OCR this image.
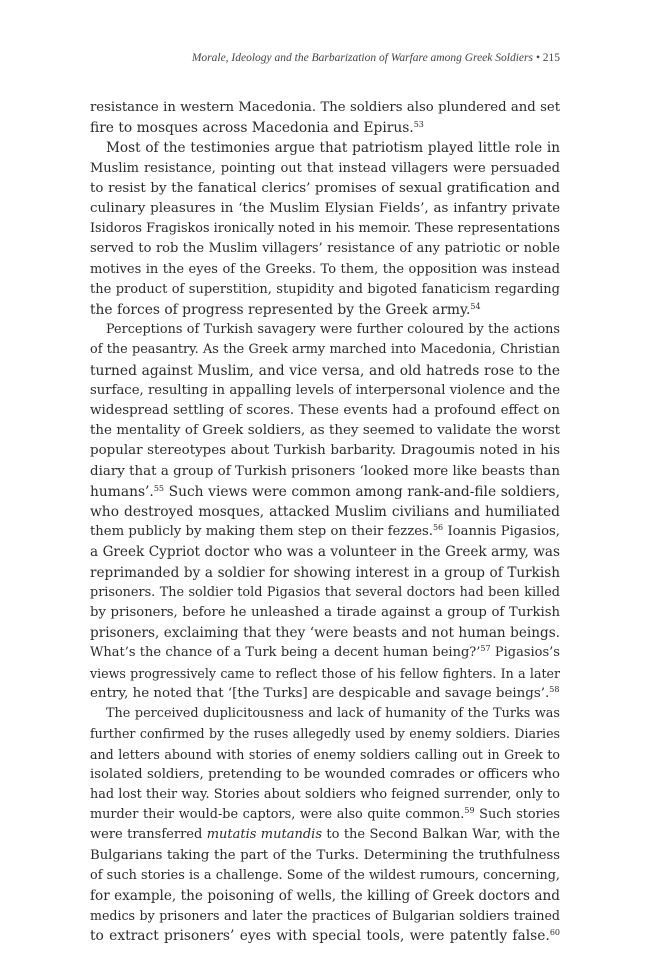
Morale, Ideology and the Barbarization of Warfare among Greek Soldiers • 215

resistance in western Macedonia. The soldiers also plundered and set

fire to mosques across Macedonia and Epirus.$^{53}$

Most of the testimonies argue that patriotism played little role in

Muslim resistance, pointing out that instead villagers were persuaded

to resist by the fanatical clerics’ promises of sexual gratification and

culinary pleasures in ‘the Muslim Elysian Fields’, as infantry private

Isidoros Fragiskos ironically noted in his memoir. These representations

served to rob the Muslim villagers’ resistance of any patriotic or noble

motives in the eyes of the Greeks. To them, the opposition was instead

the product of superstition, stupidity and bigoted fanaticism regarding

the forces of progress represented by the Greek army.$^{54}$

Perceptions of Turkish savagery were further coloured by the actions

of the peasantry. As the Greek army marched into Macedonia, Christian

turned against Muslim, and vice versa, and old hatreds rose to the

surface, resulting in appalling levels of interpersonal violence and the

widespread settling of scores. These events had a profound effect on

the mentality of Greek soldiers, as they seemed to validate the worst

popular stereotypes about Turkish barbarity. Dragoumis noted in his

diary that a group of Turkish prisoners ‘looked more like beasts than

humans’.$^{55}$ Such views were common among rank-and-file soldiers,

who destroyed mosques, attacked Muslim civilians and humiliated

them publicly by making them step on their fezzes.$^{56}$ Ioannis Pigasios,

a Greek Cypriot doctor who was a volunteer in the Greek army, was

reprimanded by a soldier for showing interest in a group of Turkish

prisoners. The soldier told Pigasios that several doctors had been killed

by prisoners, before he unleashed a tirade against a group of Turkish

prisoners, exclaiming that they ‘were beasts and not human beings.

What’s the chance of a Turk being a decent human being?’$^{57}$ Pigasios’s

views progressively came to reflect those of his fellow fighters. In a later

entry, he noted that ‘[the Turks] are despicable and savage beings’.$^{58}$

The perceived duplicitousness and lack of humanity of the Turks was

further confirmed by the ruses allegedly used by enemy soldiers. Diaries

and letters abound with stories of enemy soldiers calling out in Greek to

isolated soldiers, pretending to be wounded comrades or officers who

had lost their way. Stories about soldiers who feigned surrender, only to

murder their would-be captors, were also quite common.$^{59}$ Such stories

were transferred mutatis mutandis to the Second Balkan War, with the

Bulgarians taking the part of the Turks. Determining the truthfulness

of such stories is a challenge. Some of the wildest rumours, concerning,

for example, the poisoning of wells, the killing of Greek doctors and

medics by prisoners and later the practices of Bulgarian soldiers trained

to extract prisoners’ eyes with special tools, were patently false.$^{60}$
